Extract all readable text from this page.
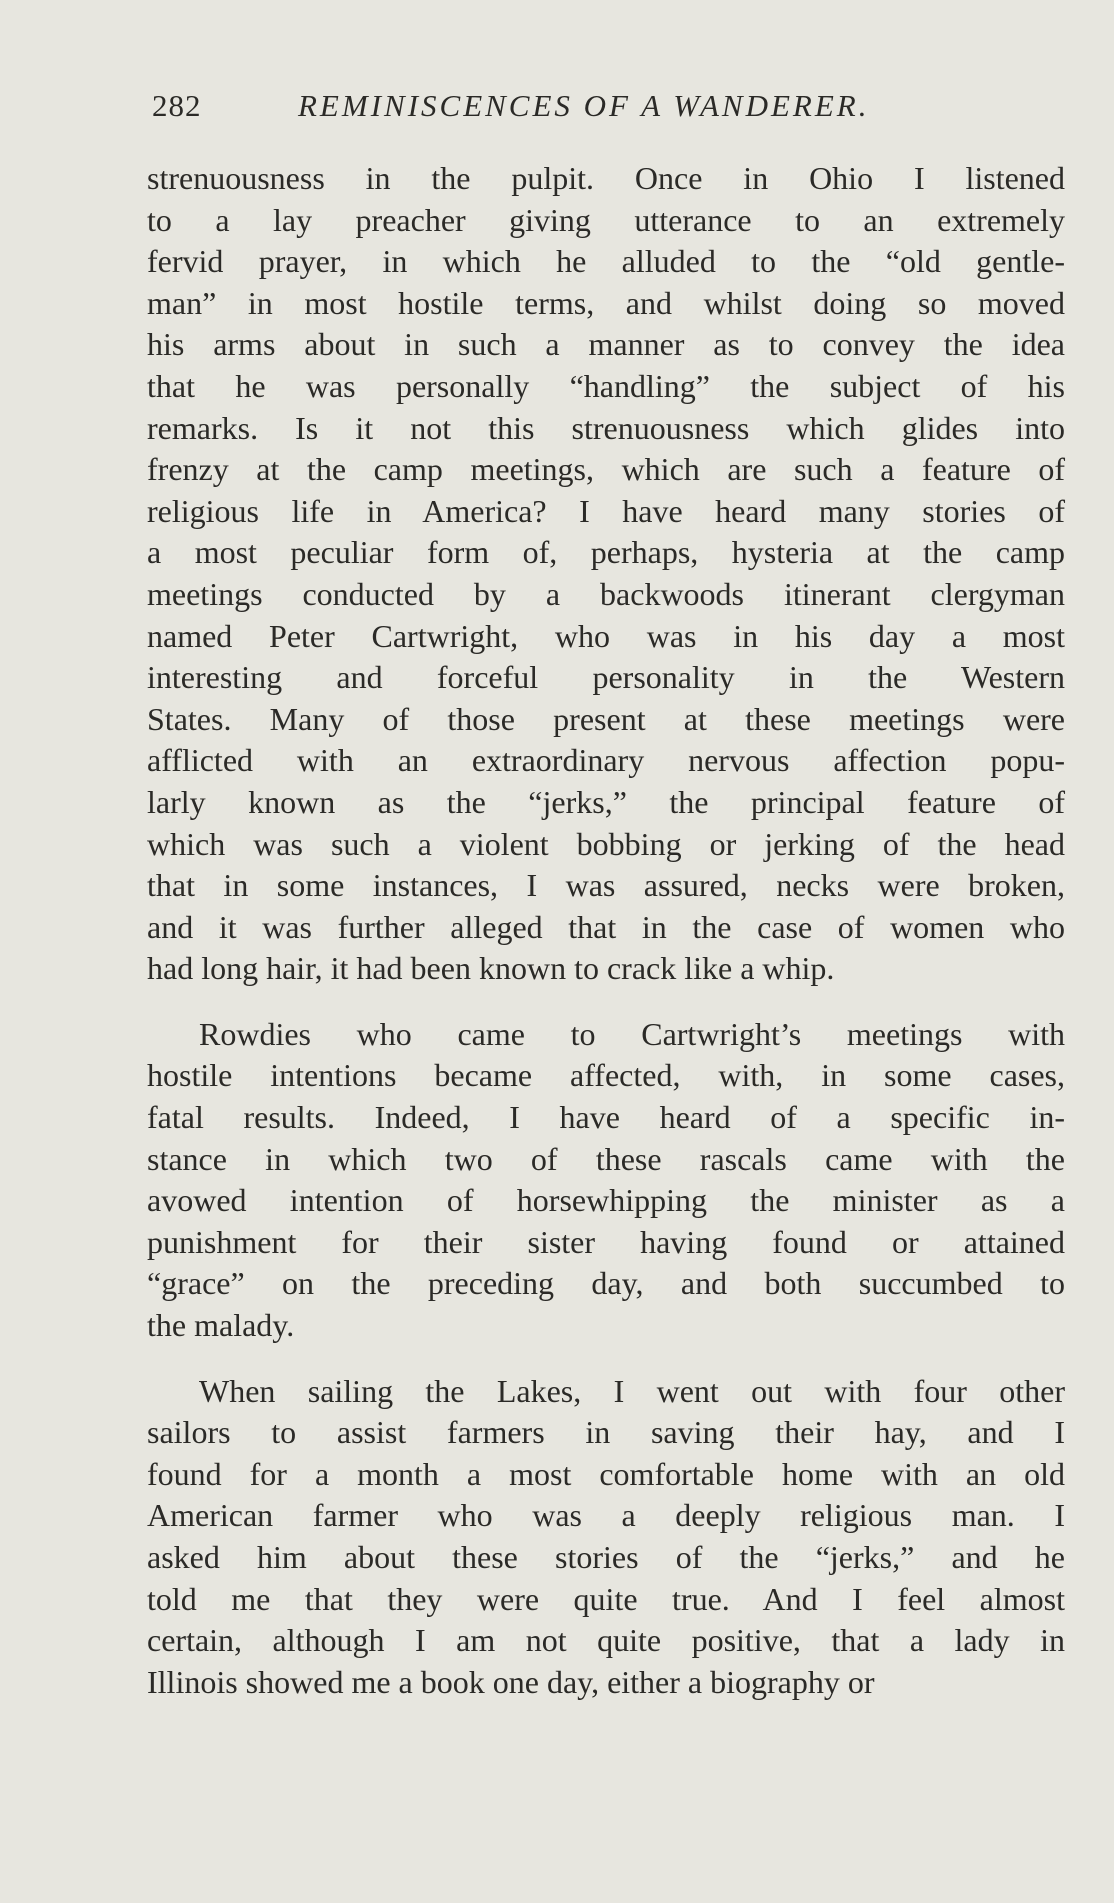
282	REMINISCENCES OF A WANDERER.
strenuousness in the pulpit. Once in Ohio I listened
to a lay preacher giving utterance to an extremely
fervid prayer, in which he alluded to the “old gentle-
man” in most hostile terms, and whilst doing so moved
his arms about in such a manner as to convey the idea
that he was personally “handling” the subject of his
remarks. Is it not this strenuousness which glides into
frenzy at the camp meetings, which are such a feature of
religious life in America? I have heard many stories of
a most peculiar form of, perhaps, hysteria at the camp
meetings conducted by a backwoods itinerant clergyman
named Peter Cartwright, who was in his day a most
interesting and forceful personality in the Western
States. Many of those present at these meetings were
afflicted with an extraordinary nervous affection popu-
larly known as the “jerks,” the principal feature of
which was such a violent bobbing or jerking of the head
that in some instances, I was assured, necks were broken,
and it was further alleged that in the case of women who
had long hair, it had been known to crack like a whip.
Rowdies who came to Cartwright’s meetings with
hostile intentions became affected, with, in some cases,
fatal results. Indeed, I have heard of a specific in-
stance in which two of these rascals came with the
avowed intention of horsewhipping the minister as a
punishment for their sister having found or attained
“grace” on the preceding day, and both succumbed to
the malady.
When sailing the Lakes, I went out with four other
sailors to assist farmers in saving their hay, and I
found for a month a most comfortable home with an old
American farmer who was a deeply religious man. I
asked him about these stories of the “jerks,” and he
told me that they were quite true. And I feel almost
certain, although I am not quite positive, that a lady in
Illinois showed me a book one day, either a biography or
